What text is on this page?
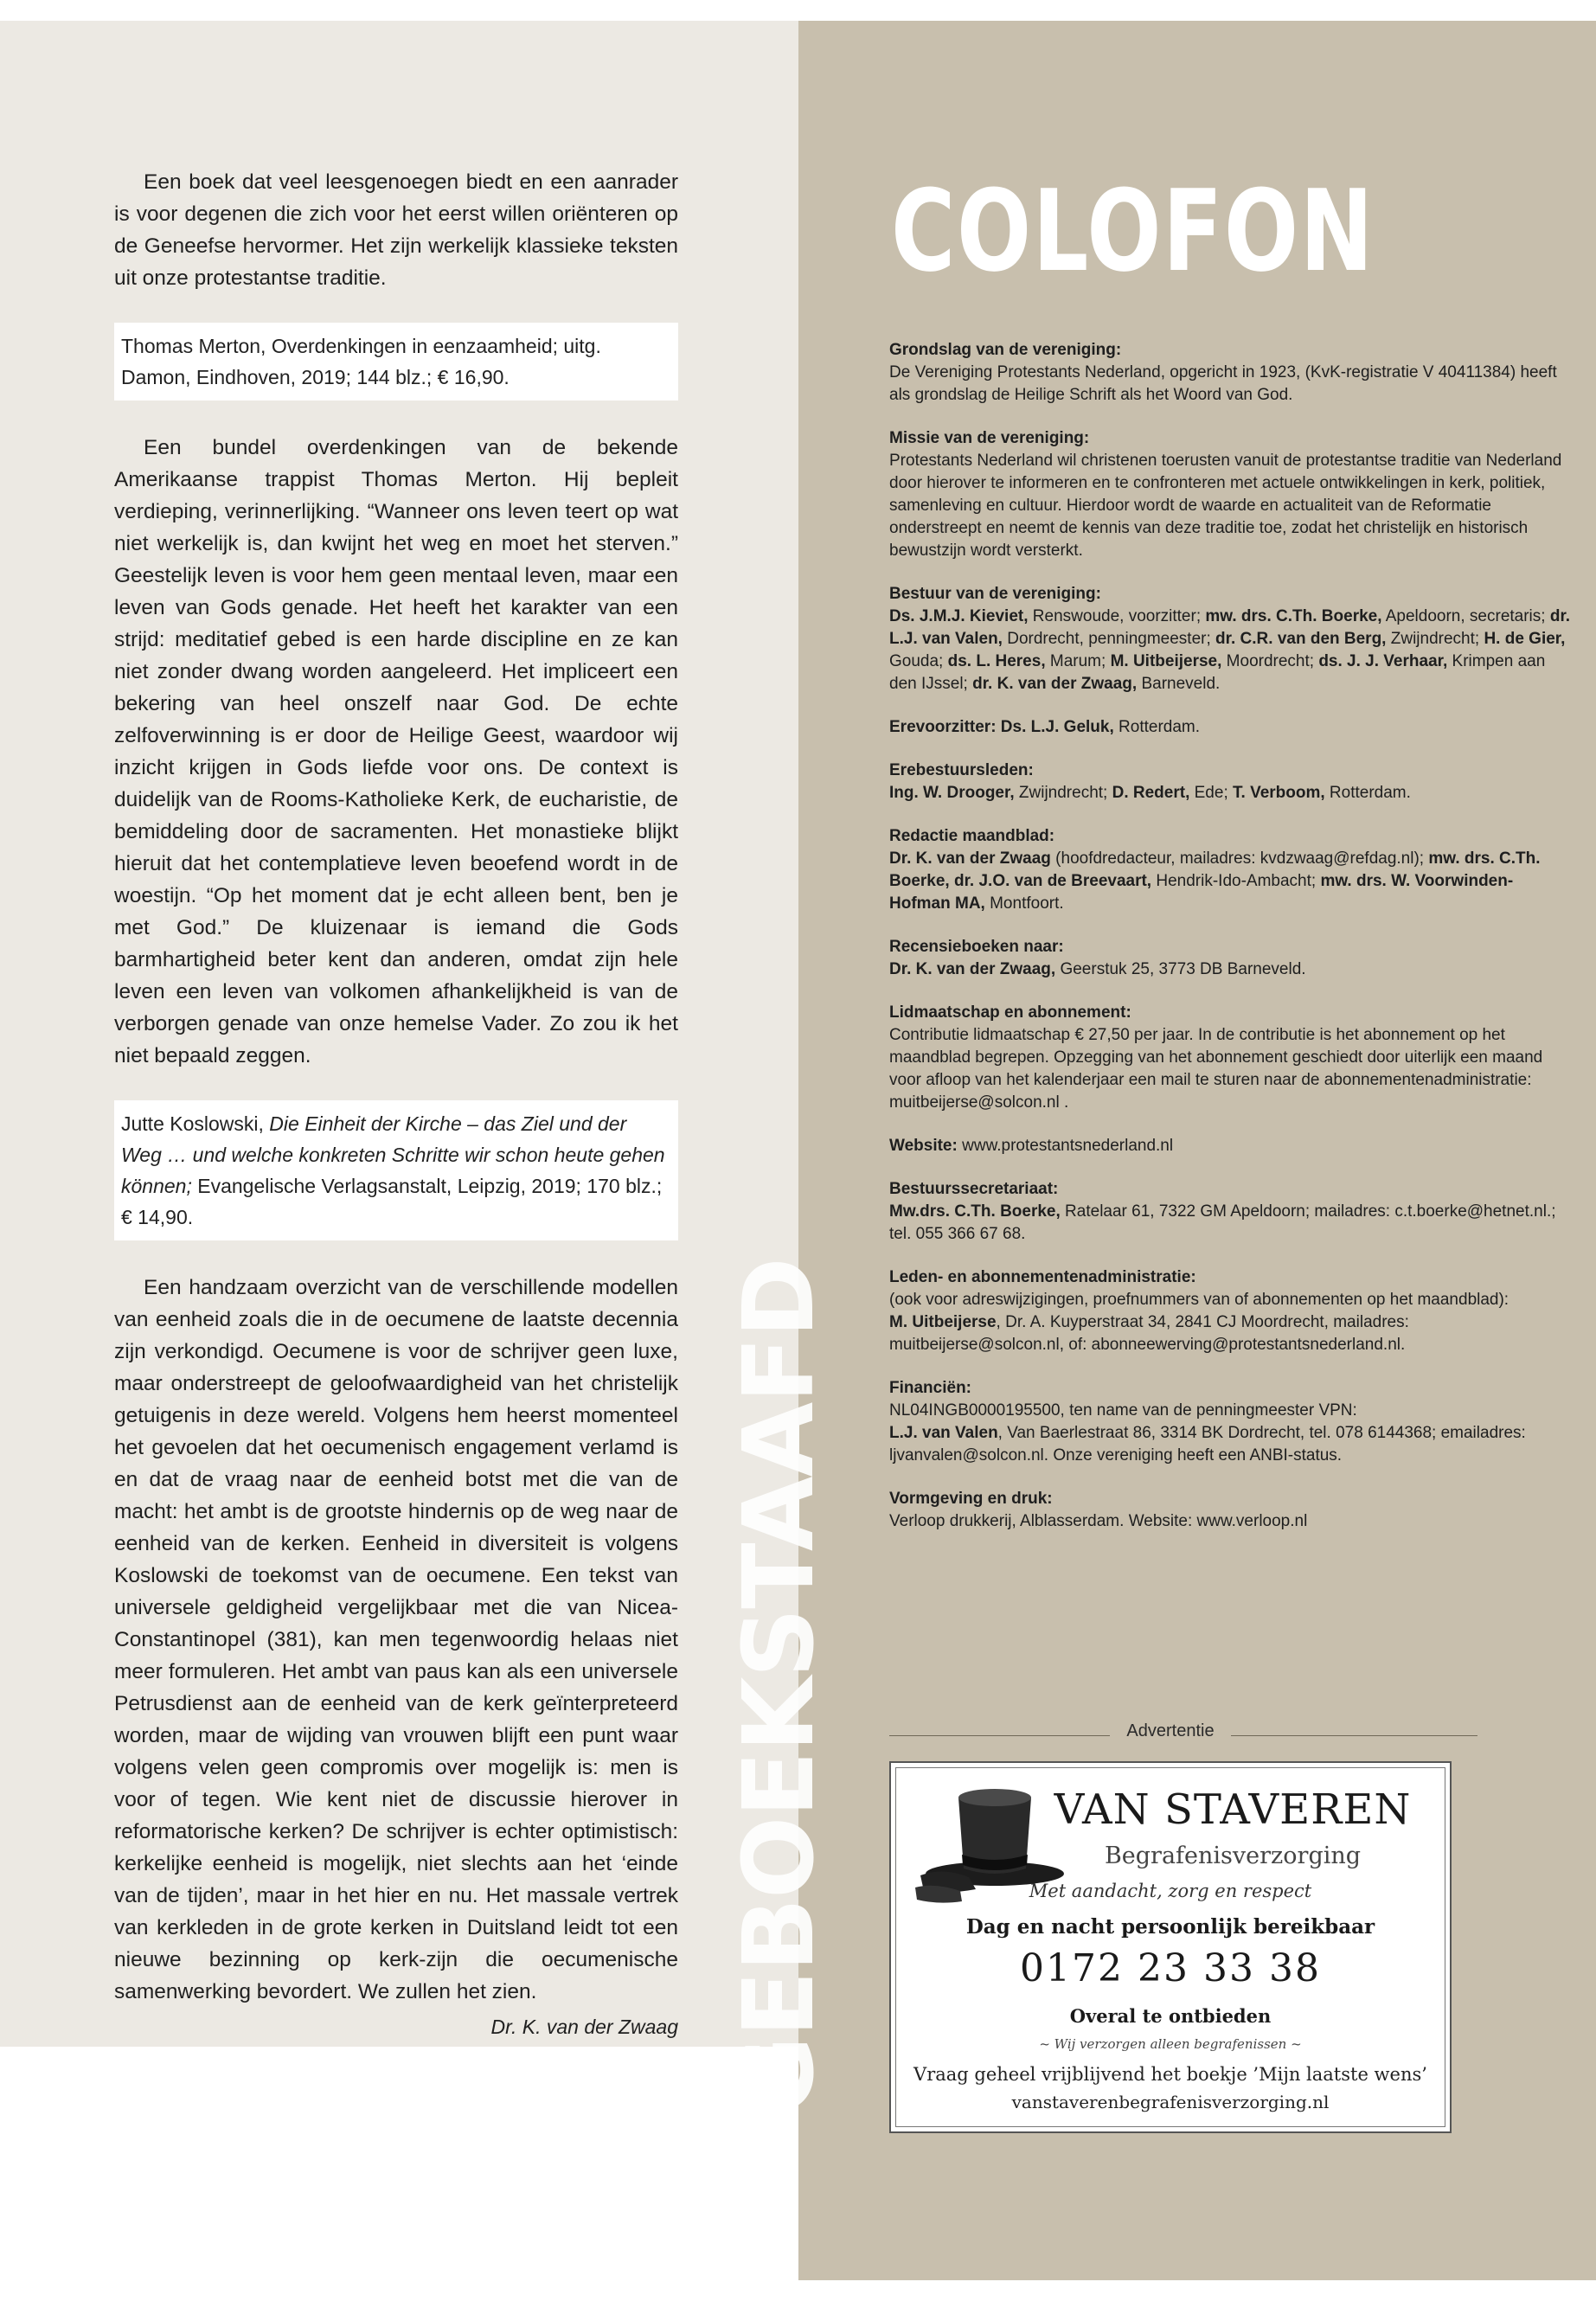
Een boek dat veel leesgenoegen biedt en een aanrader is voor degenen die zich voor het eerst willen oriënteren op de Geneefse hervormer. Het zijn werkelijk klassieke teksten uit onze protestantse traditie.

Thomas Merton, Overdenkingen in eenzaamheid; uitg. Damon, Eindhoven, 2019; 144 blz.; € 16,90.

Een bundel overdenkingen van de bekende Amerikaanse trappist Thomas Merton. Hij bepleit verdieping, verinnerlijking. “Wanneer ons leven teert op wat niet werkelijk is, dan kwijnt het weg en moet het sterven.” Geestelijk leven is voor hem geen mentaal leven, maar een leven van Gods genade. Het heeft het karakter van een strijd: meditatief gebed is een harde discipline en ze kan niet zonder dwang worden aangeleerd. Het impliceert een bekering van heel onszelf naar God. De echte zelfoverwinning is er door de Heilige Geest, waardoor wij inzicht krijgen in Gods liefde voor ons. De context is duidelijk van de Rooms-Katholieke Kerk, de eucharistie, de bemiddeling door de sacramenten. Het monastieke blijkt hieruit dat het contemplatieve leven beoefend wordt in de woestijn. “Op het moment dat je echt alleen bent, ben je met God.” De kluizenaar is iemand die Gods barmhartigheid beter kent dan anderen, omdat zijn hele leven een leven van volkomen afhankelijkheid is van de verborgen genade van onze hemelse Vader. Zo zou ik het niet bepaald zeggen.

Jutte Koslowski, Die Einheit der Kirche – das Ziel und der Weg … und welche konkreten Schritte wir schon heute gehen können; Evangelische Verlagsanstalt, Leipzig, 2019; 170 blz.; € 14,90.

Een handzaam overzicht van de verschillende modellen van eenheid zoals die in de oecumene de laatste decennia zijn verkondigd. Oecumene is voor de schrijver geen luxe, maar onderstreept de geloofwaardigheid van het christelijk getuigenis in deze wereld. Volgens hem heerst momenteel het gevoelen dat het oecumenisch engagement verlamd is en dat de vraag naar de eenheid botst met die van de macht: het ambt is de grootste hindernis op de weg naar de eenheid van de kerken. Eenheid in diversiteit is volgens Koslowski de toekomst van de oecumene. Een tekst van universele geldigheid vergelijkbaar met die van Nicea-Constantinopel (381), kan men tegenwoordig helaas niet meer formuleren. Het ambt van paus kan als een universele Petrusdienst aan de eenheid van de kerk geïnterpreteerd worden, maar de wijding van vrouwen blijft een punt waar volgens velen geen compromis over mogelijk is: men is voor of tegen. Wie kent niet de discussie hierover in reformatorische kerken? De schrijver is echter optimistisch: kerkelijke eenheid is mogelijk, niet slechts aan het ‘einde van de tijden’, maar in het hier en nu. Het massale vertrek van kerkleden in de grote kerken in Duitsland leidt tot een nieuwe bezinning op kerk-zijn die oecumenische samenwerking bevordert. We zullen het zien.

Dr. K. van der Zwaag GEBOEKSTAAFD
COLOFON
Grondslag van de vereniging:
De Vereniging Protestants Nederland, opgericht in 1923, (KvK-registratie V 40411384) heeft als grondslag de Heilige Schrift als het Woord van God.
Missie van de vereniging:
Protestants Nederland wil christenen toerusten vanuit de protestantse traditie van Nederland door hierover te informeren en te confronteren met actuele ontwikkelingen in kerk, politiek, samenleving en cultuur. Hierdoor wordt de waarde en actualiteit van de Reformatie onderstreept en neemt de kennis van deze traditie toe, zodat het christelijk en historisch bewustzijn wordt versterkt.
Bestuur van de vereniging:
Ds. J.M.J. Kieviet, Renswoude, voorzitter; mw. drs. C.Th. Boerke, Apeldoorn, secretaris; dr. L.J. van Valen, Dordrecht, penningmeester; dr. C.R. van den Berg, Zwijndrecht; H. de Gier, Gouda; ds. L. Heres, Marum; M. Uitbeijerse, Moordrecht; ds. J. J. Verhaar, Krimpen aan den IJssel; dr. K. van der Zwaag, Barneveld.
Erevoorzitter: Ds. L.J. Geluk, Rotterdam.
Erebestuursleden:
Ing. W. Drooger, Zwijndrecht; D. Redert, Ede; T. Verboom, Rotterdam.
Redactie maandblad:
Dr. K. van der Zwaag (hoofdredacteur, mailadres: kvdzwaag@refdag.nl); mw. drs. C.Th. Boerke, dr. J.O. van de Breevaart, Hendrik-Ido-Ambacht; mw. drs. W. Voorwinden-Hofman MA, Montfoort.
Recensieboeken naar:
Dr. K. van der Zwaag, Geerstuk 25, 3773 DB Barneveld.
Lidmaatschap en abonnement:
Contributie lidmaatschap € 27,50 per jaar. In de contributie is het abonnement op het maandblad begrepen. Opzegging van het abonnement geschiedt door uiterlijk een maand voor afloop van het kalenderjaar een mail te sturen naar de abonnementenadministratie: muitbeijerse@solcon.nl .
Website: www.protestantsnederland.nl
Bestuurssecretariaat:
Mw.drs. C.Th. Boerke, Ratelaar 61, 7322 GM Apeldoorn; mailadres: c.t.boerke@hetnet.nl.; tel. 055 366 67 68.
Leden- en abonnementenadministratie:
(ook voor adreswijzigingen, proefnummers van of abonnementen op het maandblad):
M. Uitbeijerse, Dr. A. Kuyperstraat 34, 2841 CJ Moordrecht, mailadres: muitbeijerse@solcon.nl, of: abonneewerving@protestantsnederland.nl.
Financiën:
NL04INGB0000195500, ten name van de penningmeester VPN:
L.J. van Valen, Van Baerlestraat 86, 3314 BK Dordrecht, tel. 078 6144368; emailadres: ljvanvalen@solcon.nl. Onze vereniging heeft een ANBI-status.
Vormgeving en druk:
Verloop drukkerij, Alblasserdam. Website: www.verloop.nl
Advertentie
VAN STAVEREN
Begrafenisverzorging
Met aandacht, zorg en respect
Dag en nacht persoonlijk bereikbaar
0172 23 33 38
Overal te ontbieden
~ Wij verzorgen alleen begrafenissen ~
Vraag geheel vrijblijvend het boekje ’Mijn laatste wens’
vanstaverenbegrafenisverzorging.nl
